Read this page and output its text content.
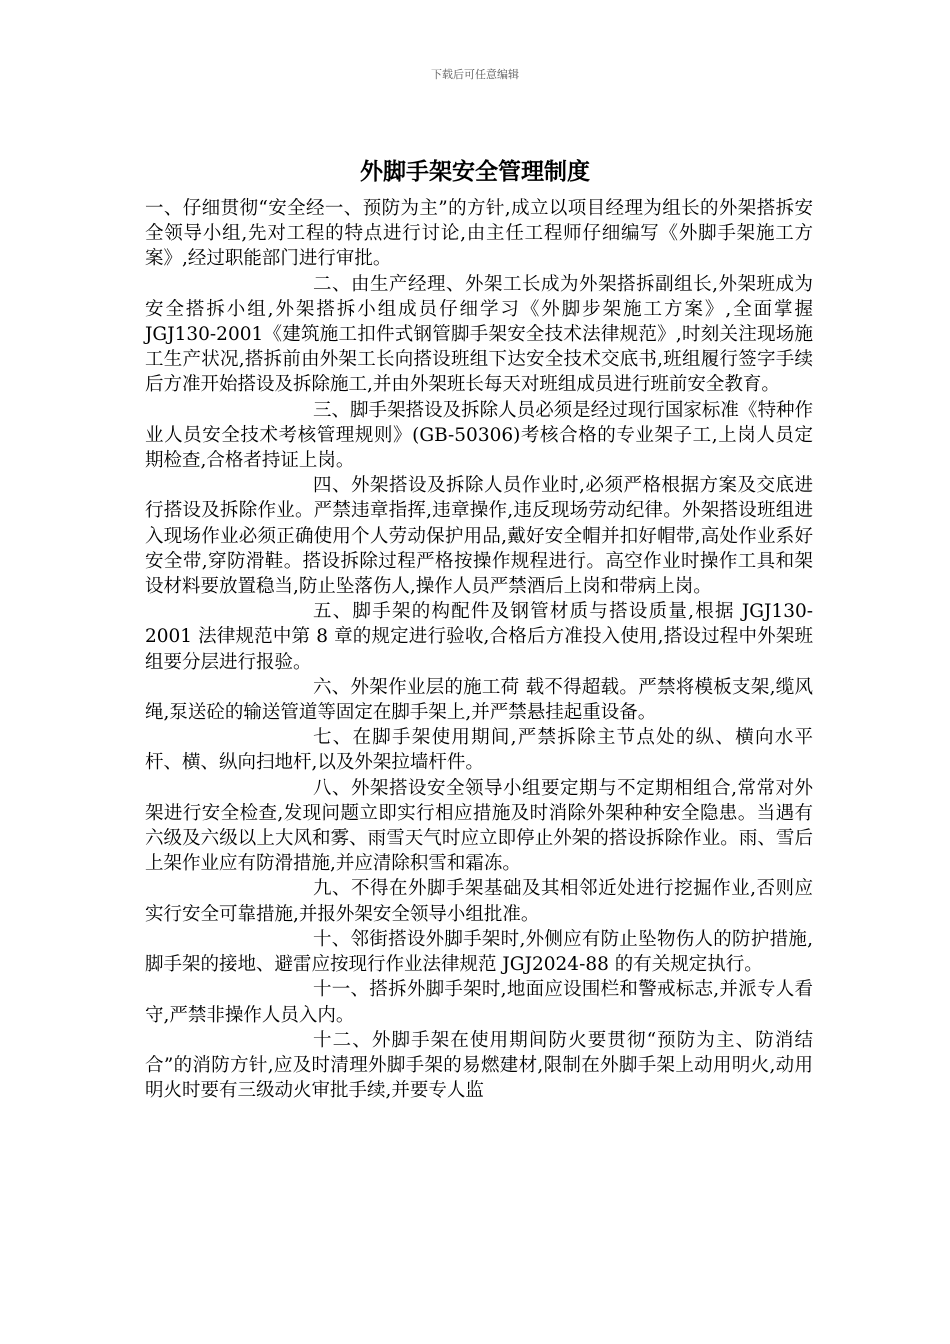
下载后可任意编辑
外脚手架安全管理制度

一、仔细贯彻“安全经一、预防为主”的方针,成立以项目经理为组长的外架搭拆安全领导小组,先对工程的特点进行讨论,由主任工程师仔细编写《外脚手架施工方案》,经过职能部门进行审批。

二、由生产经理、外架工长成为外架搭拆副组长,外架班成为安全搭拆小组,外架搭拆小组成员仔细学习《外脚步架施工方案》,全面掌握 JGJ130-2001《建筑施工扣件式钢管脚手架安全技术法律规范》,时刻关注现场施工生产状况,搭拆前由外架工长向搭设班组下达安全技术交底书,班组履行签字手续后方准开始搭设及拆除施工,并由外架班长每天对班组成员进行班前安全教育。

三、脚手架搭设及拆除人员必须是经过现行国家标准《特种作业人员安全技术考核管理规则》(GB-50306)考核合格的专业架子工,上岗人员定期检查,合格者持证上岗。

四、外架搭设及拆除人员作业时,必须严格根据方案及交底进行搭设及拆除作业。严禁违章指挥,违章操作,违反现场劳动纪律。外架搭设班组进入现场作业必须正确使用个人劳动保护用品,戴好安全帽并扣好帽带,高处作业系好安全带,穿防滑鞋。搭设拆除过程严格按操作规程进行。高空作业时操作工具和架设材料要放置稳当,防止坠落伤人,操作人员严禁酒后上岗和带病上岗。

五、脚手架的构配件及钢管材质与搭设质量,根据 JGJ130-2001 法律规范中第 8 章的规定进行验收,合格后方准投入使用,搭设过程中外架班组要分层进行报验。

六、外架作业层的施工荷 载不得超载。严禁将模板支架,缆风绳,泵送砼的输送管道等固定在脚手架上,并严禁悬挂起重设备。

七、在脚手架使用期间,严禁拆除主节点处的纵、横向水平杆、横、纵向扫地杆,以及外架拉墙杆件。

八、外架搭设安全领导小组要定期与不定期相组合,常常对外架进行安全检查,发现问题立即实行相应措施及时消除外架种种安全隐患。当遇有六级及六级以上大风和雾、雨雪天气时应立即停止外架的搭设拆除作业。雨、雪后上架作业应有防滑措施,并应清除积雪和霜冻。

九、不得在外脚手架基础及其相邻近处进行挖掘作业,否则应实行安全可靠措施,并报外架安全领导小组批准。

十、邻街搭设外脚手架时,外侧应有防止坠物伤人的防护措施,脚手架的接地、避雷应按现行作业法律规范 JGJ2024-88 的有关规定执行。

十一、搭拆外脚手架时,地面应设围栏和警戒标志,并派专人看守,严禁非操作人员入内。

十二、外脚手架在使用期间防火要贯彻“预防为主、防消结合”的消防方针,应及时清理外脚手架的易燃建材,限制在外脚手架上动用明火,动用明火时要有三级动火审批手续,并要专人监
